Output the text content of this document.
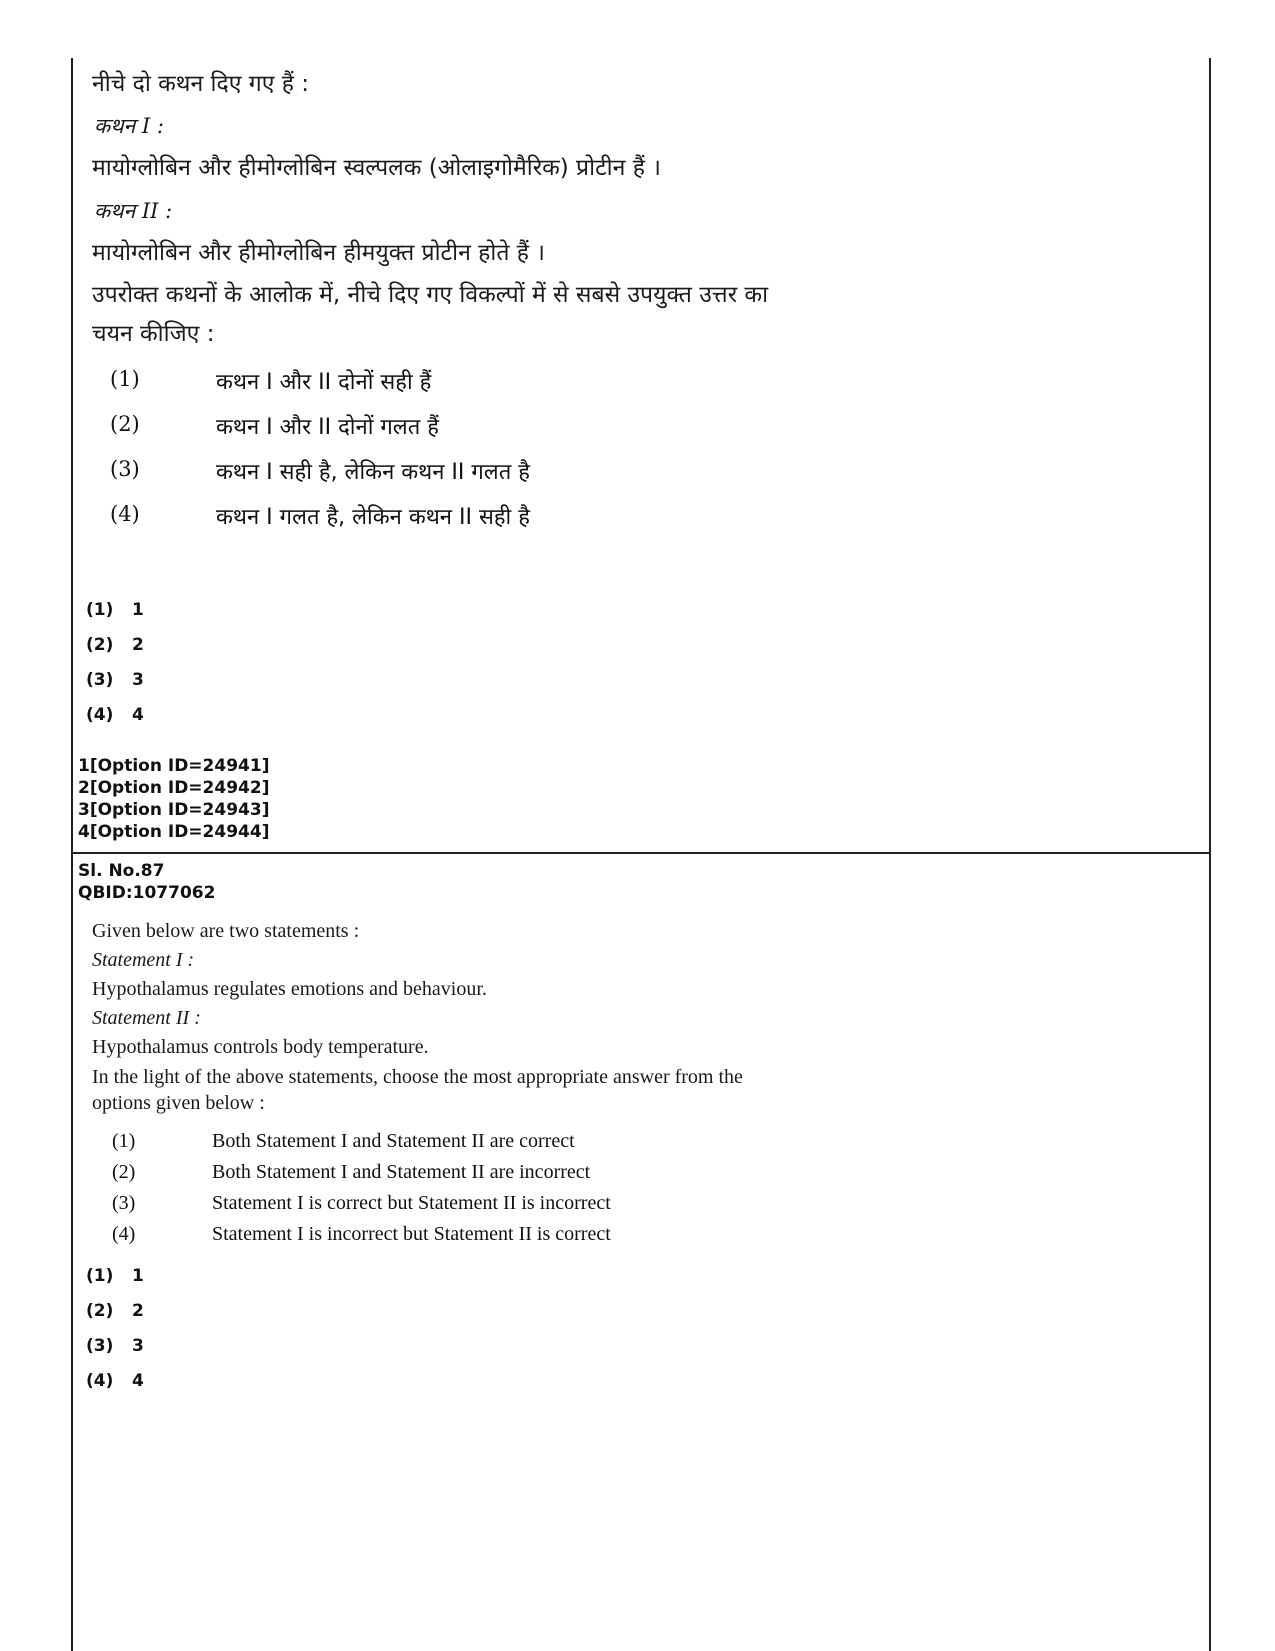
नीचे दो कथन दिए गए हैं :
कथन I :
मायोग्लोबिन और हीमोग्लोबिन स्वल्पलक (ओलाइगोमैरिक) प्रोटीन हैं ।
कथन II :
मायोग्लोबिन और हीमोग्लोबिन हीमयुक्त प्रोटीन होते हैं ।
उपरोक्त कथनों के आलोक में, नीचे दिए गए विकल्पों में से सबसे उपयुक्त उत्तर का
चयन कीजिए :
(1)	कथन I और II दोनों सही हैं
(2)	कथन I और II दोनों गलत हैं
(3)	कथन I सही है, लेकिन कथन II गलत है
(4)	कथन I गलत है, लेकिन कथन II सही है
(1) 1
(2) 2
(3) 3
(4) 4
1[Option ID=24941]
2[Option ID=24942]
3[Option ID=24943]
4[Option ID=24944]
Sl. No.87
QBID:1077062
Given below are two statements :
Statement I :
Hypothalamus regulates emotions and behaviour.
Statement II :
Hypothalamus controls body temperature.
In the light of the above statements, choose the most appropriate answer from the
options given below :
(1)	Both Statement I and Statement II are correct
(2)	Both Statement I and Statement II are incorrect
(3)	Statement I is correct but Statement II is incorrect
(4)	Statement I is incorrect but Statement II is correct
(1) 1
(2) 2
(3) 3
(4) 4
